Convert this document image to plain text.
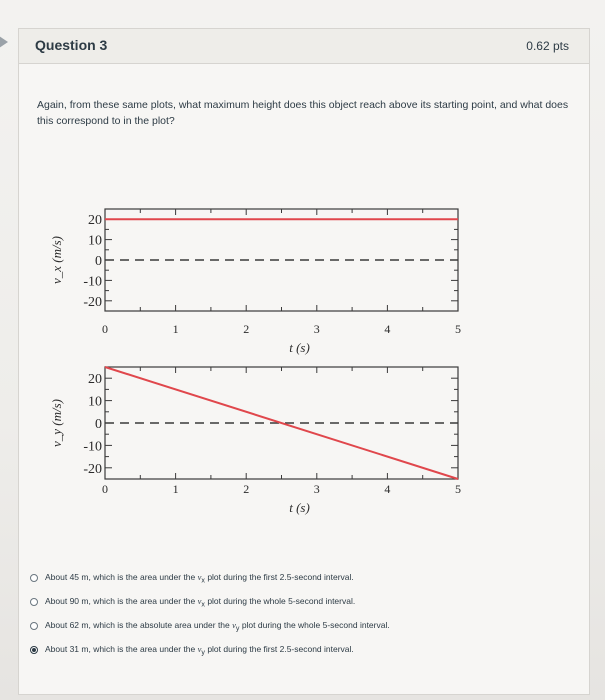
Question 3	0.62 pts
Again, from these same plots, what maximum height does this object reach above its starting point, and what does this correspond to in the plot?
20
10
0
-10
-20
0	1	2	3	4	5
t (s)
v_x (m/s)
20
10
0
-10
-20
0	1	2	3	4	5
t (s)
v_y (m/s)
About 45 m, which is the area under the $v_x$ plot during the first 2.5-second interval.
About 90 m, which is the area under the $v_x$ plot during the whole 5-second interval.
About 62 m, which is the absolute area under the $v_y$ plot during the whole 5-second interval.
About 31 m, which is the area under the $v_y$ plot during the first 2.5-second interval.
